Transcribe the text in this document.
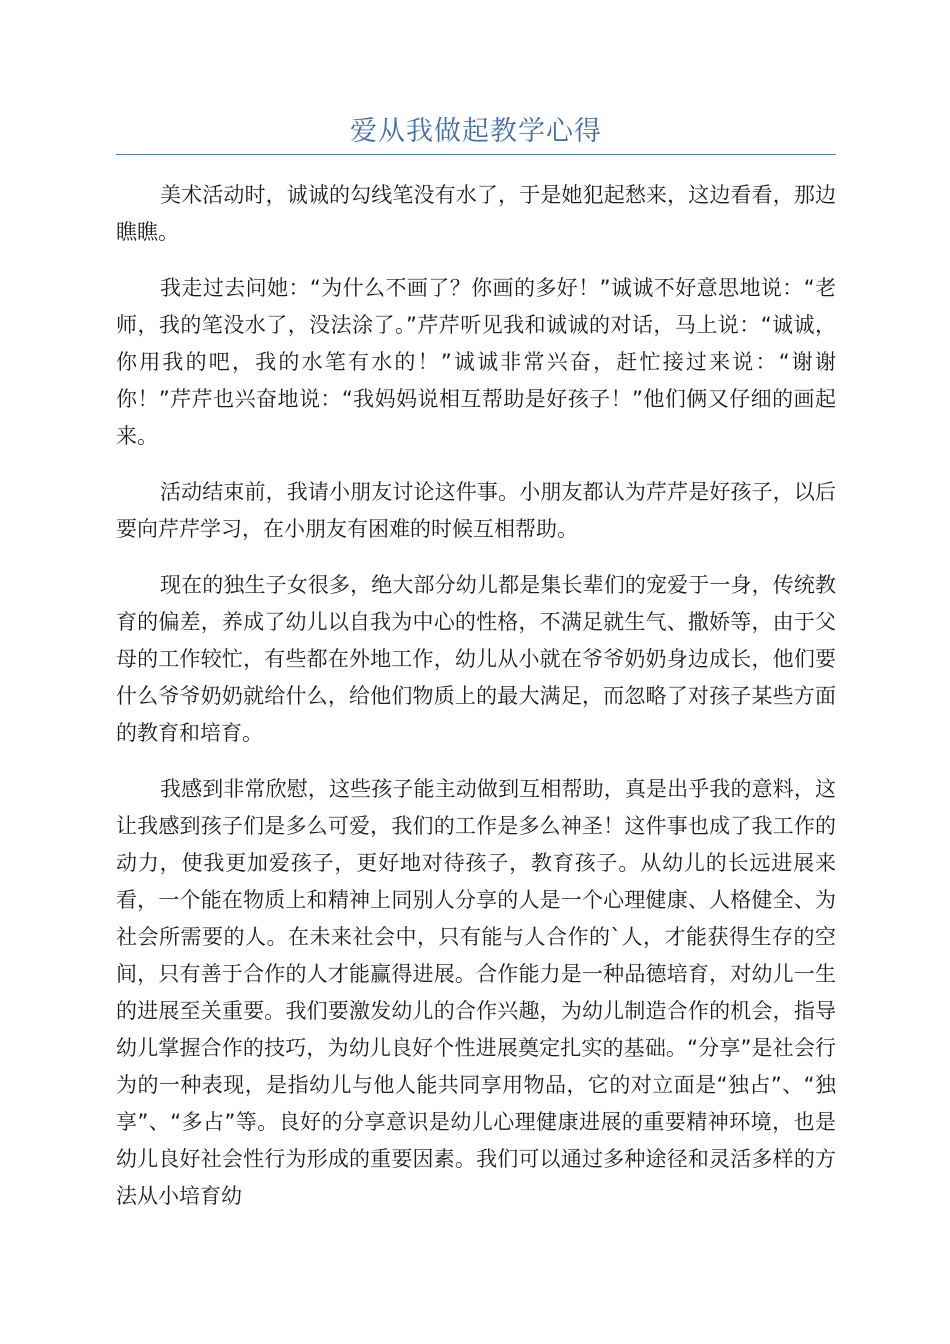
爱从我做起教学心得

美术活动时，诚诚的勾线笔没有水了，于是她犯起愁来，这边看看，那边瞧瞧。

我走过去问她：“为什么不画了？你画的多好！”诚诚不好意思地说：“老师，我的笔没水了，没法涂了。”芹芹听见我和诚诚的对话，马上说：“诚诚，你用我的吧，我的水笔有水的！”诚诚非常兴奋，赶忙接过来说：“谢谢你！”芹芹也兴奋地说：“我妈妈说相互帮助是好孩子！”他们俩又仔细的画起来。

活动结束前，我请小朋友讨论这件事。小朋友都认为芹芹是好孩子，以后要向芹芹学习，在小朋友有困难的时候互相帮助。

现在的独生子女很多，绝大部分幼儿都是集长辈们的宠爱于一身，传统教育的偏差，养成了幼儿以自我为中心的性格，不满足就生气、撒娇等，由于父母的工作较忙，有些都在外地工作，幼儿从小就在爷爷奶奶身边成长，他们要什么爷爷奶奶就给什么，给他们物质上的最大满足，而忽略了对孩子某些方面的教育和培育。

我感到非常欣慰，这些孩子能主动做到互相帮助，真是出乎我的意料，这让我感到孩子们是多么可爱，我们的工作是多么神圣！这件事也成了我工作的动力，使我更加爱孩子，更好地对待孩子，教育孩子。从幼儿的长远进展来看，一个能在物质上和精神上同别人分享的人是一个心理健康、人格健全、为社会所需要的人。在未来社会中，只有能与人合作的`人，才能获得生存的空间，只有善于合作的人才能赢得进展。合作能力是一种品德培育，对幼儿一生的进展至关重要。我们要激发幼儿的合作兴趣，为幼儿制造合作的机会，指导幼儿掌握合作的技巧，为幼儿良好个性进展奠定扎实的基础。“分享”是社会行为的一种表现，是指幼儿与他人能共同享用物品，它的对立面是“独占”、“独享”、“多占”等。良好的分享意识是幼儿心理健康进展的重要精神环境，也是幼儿良好社会性行为形成的重要因素。我们可以通过多种途径和灵活多样的方法从小培育幼
